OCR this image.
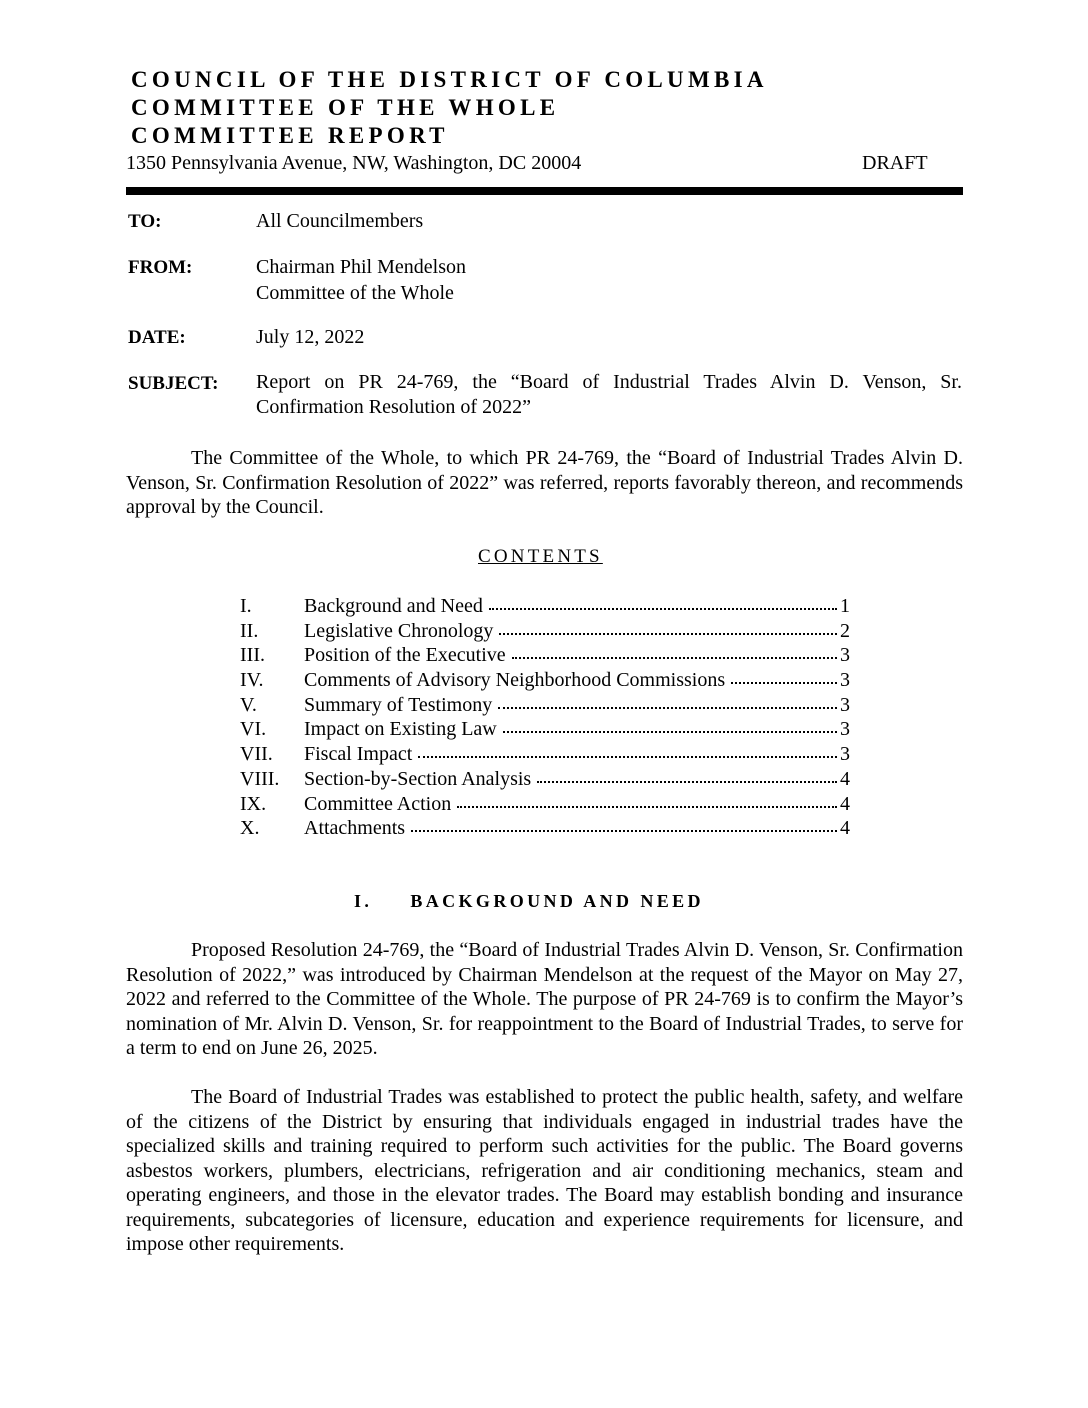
COUNCIL OF THE DISTRICT OF COLUMBIA
COMMITTEE OF THE WHOLE
COMMITTEE REPORT
1350 Pennsylvania Avenue, NW, Washington, DC 20004	DRAFT
TO:	All Councilmembers
FROM:	Chairman Phil Mendelson
Committee of the Whole
DATE:	July 12, 2022
SUBJECT: Report on PR 24-769, the “Board of Industrial Trades Alvin D. Venson, Sr. Confirmation Resolution of 2022”
The Committee of the Whole, to which PR 24-769, the “Board of Industrial Trades Alvin D. Venson, Sr. Confirmation Resolution of 2022” was referred, reports favorably thereon, and recommends approval by the Council.
CONTENTS
I.	Background and Need	1
II.	Legislative Chronology	2
III.	Position of the Executive	3
IV.	Comments of Advisory Neighborhood Commissions	3
V.	Summary of Testimony	3
VI.	Impact on Existing Law	3
VII.	Fiscal Impact	3
VIII.	Section-by-Section Analysis	4
IX.	Committee Action	4
X.	Attachments	4
I. BACKGROUND AND NEED
Proposed Resolution 24-769, the “Board of Industrial Trades Alvin D. Venson, Sr. Confirmation Resolution of 2022,” was introduced by Chairman Mendelson at the request of the Mayor on May 27, 2022 and referred to the Committee of the Whole. The purpose of PR 24-769 is to confirm the Mayor’s nomination of Mr. Alvin D. Venson, Sr. for reappointment to the Board of Industrial Trades, to serve for a term to end on June 26, 2025.
The Board of Industrial Trades was established to protect the public health, safety, and welfare of the citizens of the District by ensuring that individuals engaged in industrial trades have the specialized skills and training required to perform such activities for the public. The Board governs asbestos workers, plumbers, electricians, refrigeration and air conditioning mechanics, steam and operating engineers, and those in the elevator trades. The Board may establish bonding and insurance requirements, subcategories of licensure, education and experience requirements for licensure, and impose other requirements.
